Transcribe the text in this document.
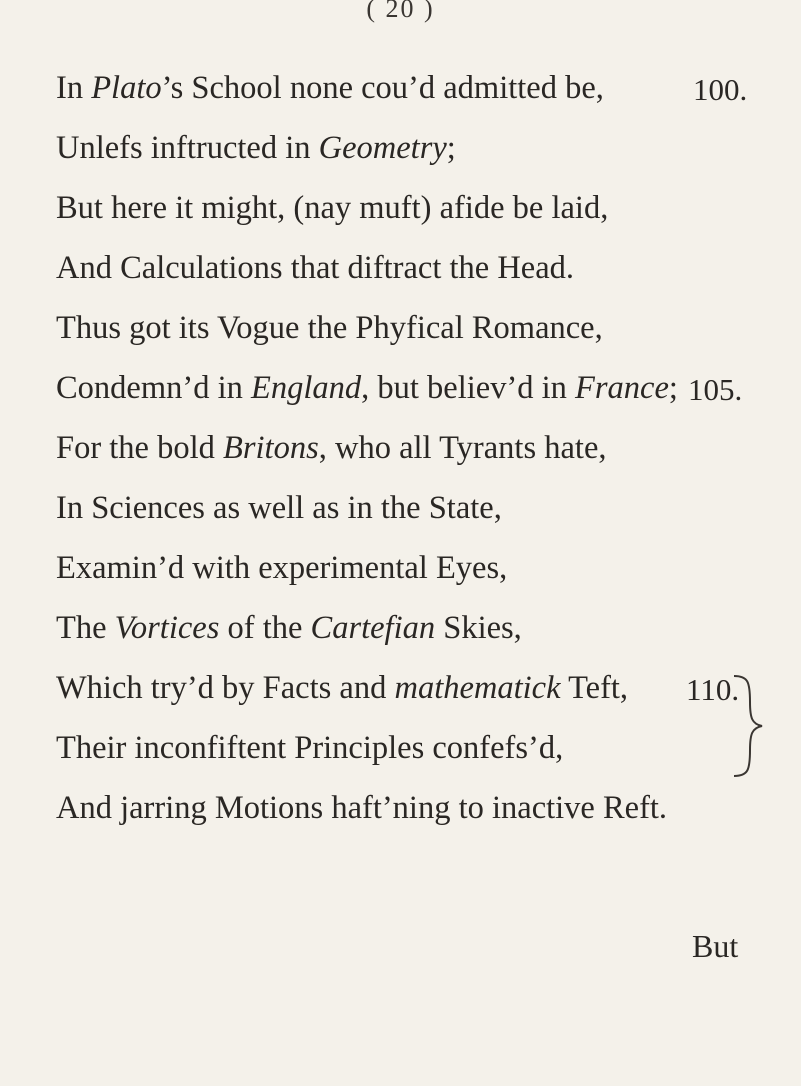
( 20 )
In Plato’s School none cou’d admitted be,
Unlefs inftructed in Geometry;
But here it might, (nay muft) afide be laid,
And Calculations that diftract the Head.
Thus got its Vogue the Phyfical Romance,
Condemn’d in England, but believ’d in France;
For the bold Britons, who all Tyrants hate,
In Sciences as well as in the State,
Examin’d with experimental Eyes,
The Vortices of the Cartefian Skies,
Which try’d by Facts and mathematick Teft,
Their inconfiftent Principles confefs’d,
And jarring Motions haft’ning to inactive Reft.
100.
105.
110.
But
